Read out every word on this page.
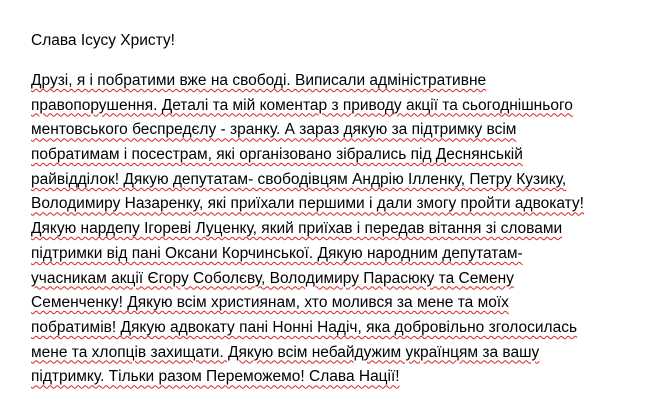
Слава Ісусу Христу!
Друзі, я і побратими вже на свободі. Виписали адміністративне
правопорушення. Деталі та мій коментар з приводу акції та сьогоднішнього
ментовського беспредєлу - зранку. А зараз дякую за підтримку всім
побратимам і посестрам, які організовано зібрались під Деснянській
райвідділок! Дякую депутатам- свободівцям Андрію Ілленку, Петру Кузику,
Володимиру Назаренку, які приїхали першими і дали змогу пройти адвокату!
Дякую нардепу Ігореві Луценку, який приїхав і передав вітання зі словами
підтримки від пані Оксани Корчинської. Дякую народним депутатам-
учасникам акції Єгору Соболєву, Володимиру Парасюку та Семену
Семенченку! Дякую всім християнам, хто молився за мене та моїх
побратимів! Дякую адвокату пані Нонні Надіч, яка добровільно зголосилась
мене та хлопців захищати. Дякую всім небайдужим українцям за вашу
підтримку. Тільки разом Переможемо! Слава Нації!
